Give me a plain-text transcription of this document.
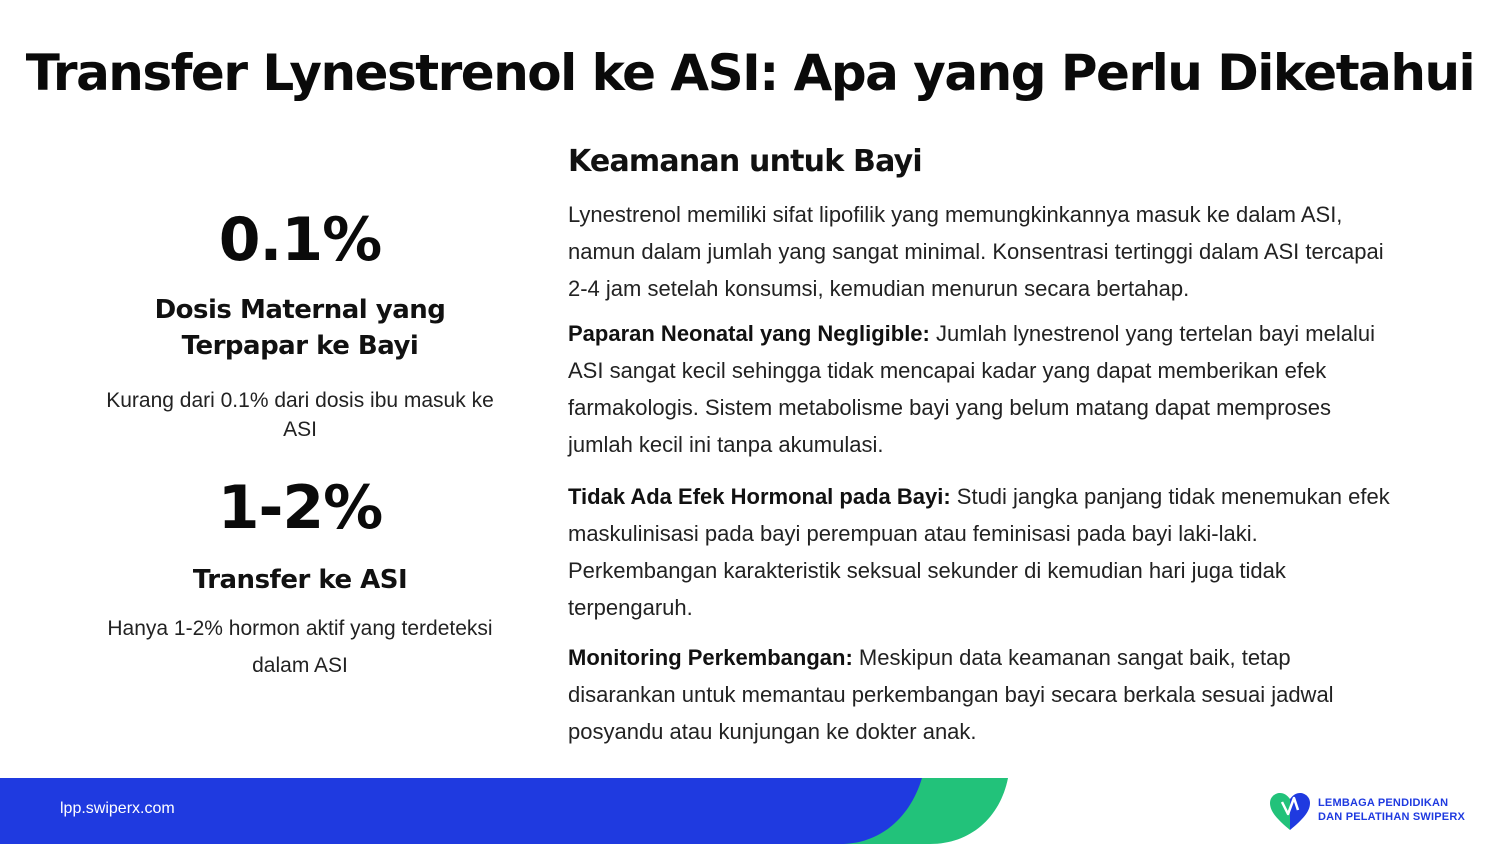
Transfer Lynestrenol ke ASI: Apa yang Perlu Diketahui
0.1%
Dosis Maternal yang Terpapar ke Bayi
Kurang dari 0.1% dari dosis ibu masuk ke ASI
1-2%
Transfer ke ASI
Hanya 1-2% hormon aktif yang terdeteksi dalam ASI
Keamanan untuk Bayi

Lynestrenol memiliki sifat lipofilik yang memungkinkannya masuk ke dalam ASI, namun dalam jumlah yang sangat minimal. Konsentrasi tertinggi dalam ASI tercapai 2-4 jam setelah konsumsi, kemudian menurun secara bertahap.

Paparan Neonatal yang Negligible: Jumlah lynestrenol yang tertelan bayi melalui ASI sangat kecil sehingga tidak mencapai kadar yang dapat memberikan efek farmakologis. Sistem metabolisme bayi yang belum matang dapat memproses jumlah kecil ini tanpa akumulasi.

Tidak Ada Efek Hormonal pada Bayi: Studi jangka panjang tidak menemukan efek maskulinisasi pada bayi perempuan atau feminisasi pada bayi laki-laki. Perkembangan karakteristik seksual sekunder di kemudian hari juga tidak terpengaruh.

Monitoring Perkembangan: Meskipun data keamanan sangat baik, tetap disarankan untuk memantau perkembangan bayi secara berkala sesuai jadwal posyandu atau kunjungan ke dokter anak.

lpp.swiperx.com	LEMBAGA PENDIDIKAN
DAN PELATIHAN SWIPERX
